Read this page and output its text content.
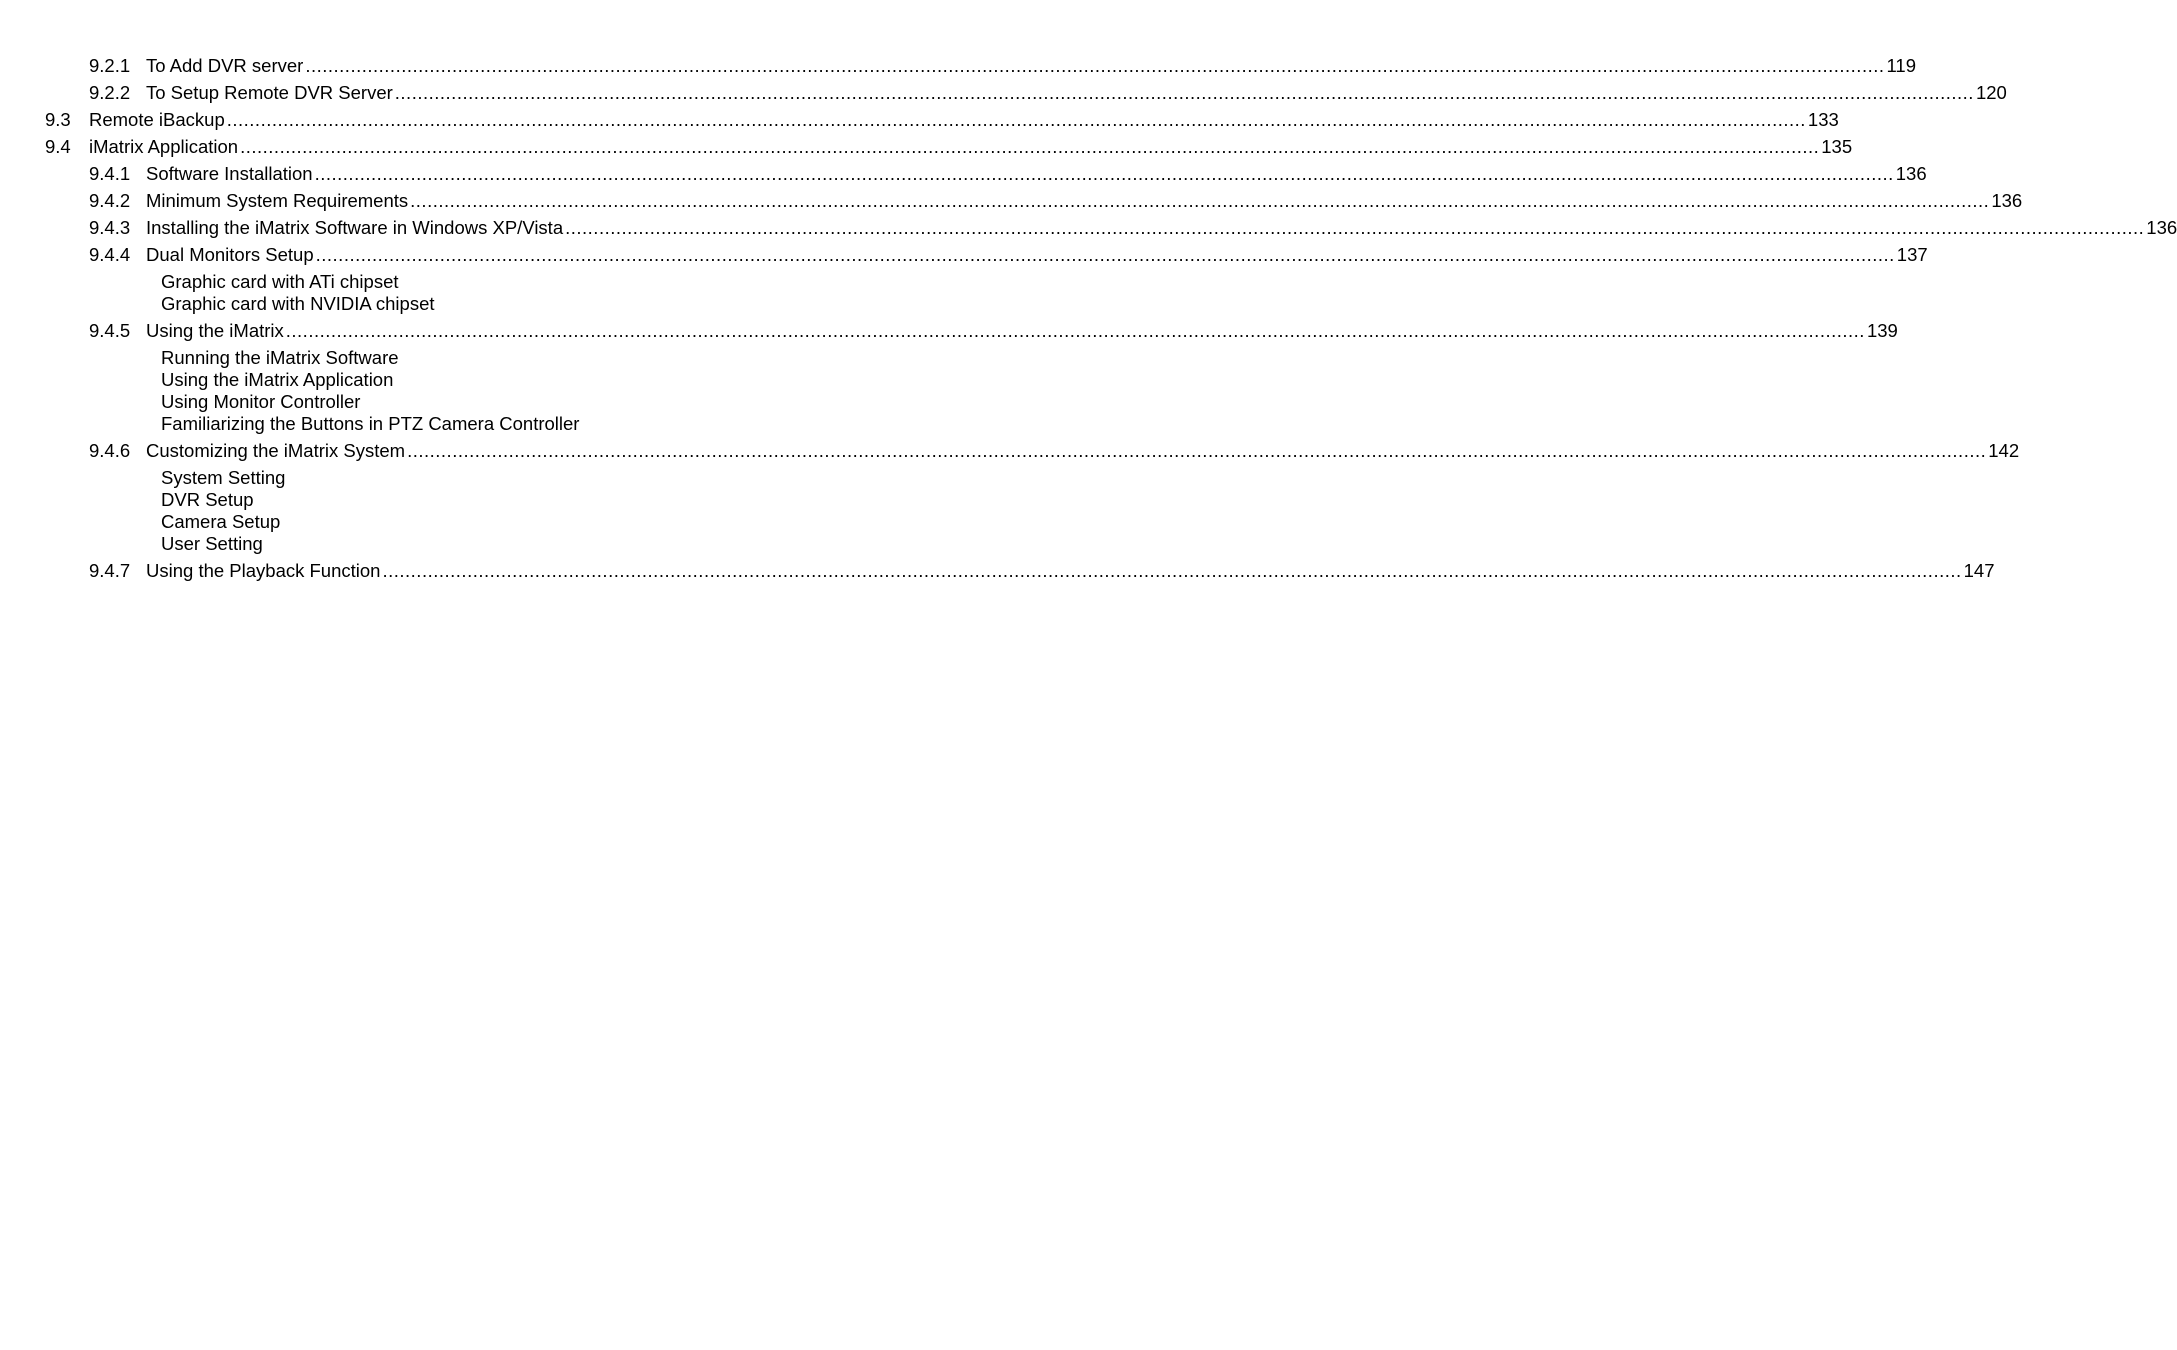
9.2.1 To Add DVR server ........................................................................................................................................................................................................................................................................................ 119
9.2.2 To Setup Remote DVR Server ........................................................................................................................................................................................................................................................................................ 120
9.3 Remote iBackup ........................................................................................................................................................................................................................................................................................ 133
9.4 iMatrix Application ........................................................................................................................................................................................................................................................................................ 135
9.4.1 Software Installation ........................................................................................................................................................................................................................................................................................ 136
9.4.2 Minimum System Requirements ........................................................................................................................................................................................................................................................................................ 136
9.4.3 Installing the iMatrix Software in Windows XP/Vista ........................................................................................................................................................................................................................................................................................ 136
9.4.4 Dual Monitors Setup ........................................................................................................................................................................................................................................................................................ 137
Graphic card with ATi chipset
Graphic card with NVIDIA chipset
9.4.5 Using the iMatrix ........................................................................................................................................................................................................................................................................................ 139
Running the iMatrix Software
Using the iMatrix Application
Using Monitor Controller
Familiarizing the Buttons in PTZ Camera Controller
9.4.6 Customizing the iMatrix System ........................................................................................................................................................................................................................................................................................ 142
System Setting
DVR Setup
Camera Setup
User Setting
9.4.7 Using the Playback Function ........................................................................................................................................................................................................................................................................................ 147
